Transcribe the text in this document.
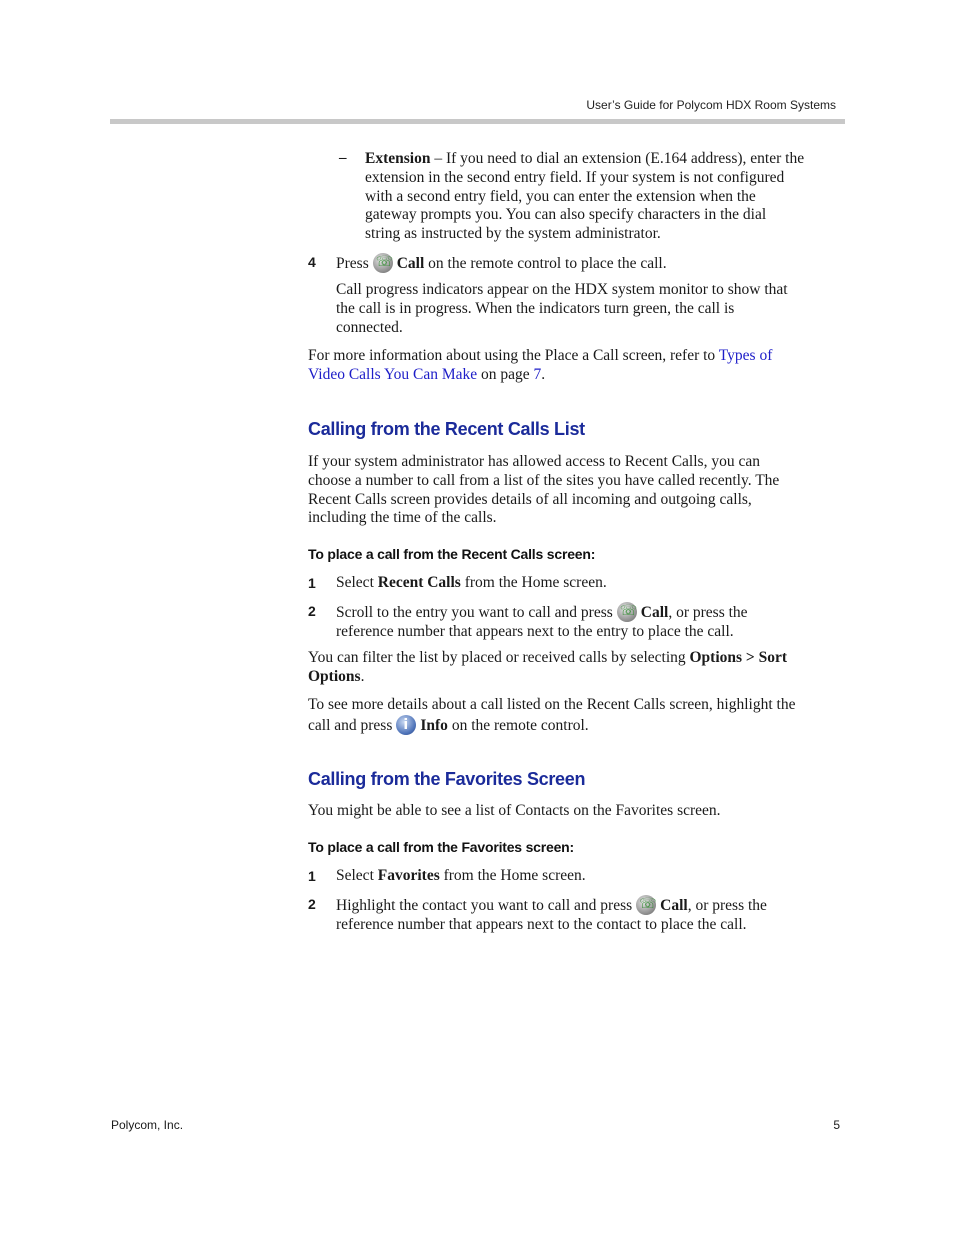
User’s Guide for Polycom HDX Room Systems
– Extension – If you need to dial an extension (E.164 address), enter the
extension in the second entry field. If your system is not configured
with a second entry field, you can enter the extension when the
gateway prompts you. You can also specify characters in the dial
string as instructed by the system administrator.
4 Press ☏ Call on the remote control to place the call.
Call progress indicators appear on the HDX system monitor to show that
the call is in progress. When the indicators turn green, the call is
connected.
For more information about using the Place a Call screen, refer to Types of
Video Calls You Can Make on page 7.
Calling from the Recent Calls List
If your system administrator has allowed access to Recent Calls, you can
choose a number to call from a list of the sites you have called recently. The
Recent Calls screen provides details of all incoming and outgoing calls,
including the time of the calls.
To place a call from the Recent Calls screen:
1 Select Recent Calls from the Home screen.
2 Scroll to the entry you want to call and press ☏ Call, or press the
reference number that appears next to the entry to place the call.
You can filter the list by placed or received calls by selecting Options > Sort
Options.
To see more details about a call listed on the Recent Calls screen, highlight the
call and press i Info on the remote control.
Calling from the Favorites Screen
You might be able to see a list of Contacts on the Favorites screen.
To place a call from the Favorites screen:
1 Select Favorites from the Home screen.
2 Highlight the contact you want to call and press ☏ Call, or press the
reference number that appears next to the contact to place the call.
Polycom, Inc.	5
